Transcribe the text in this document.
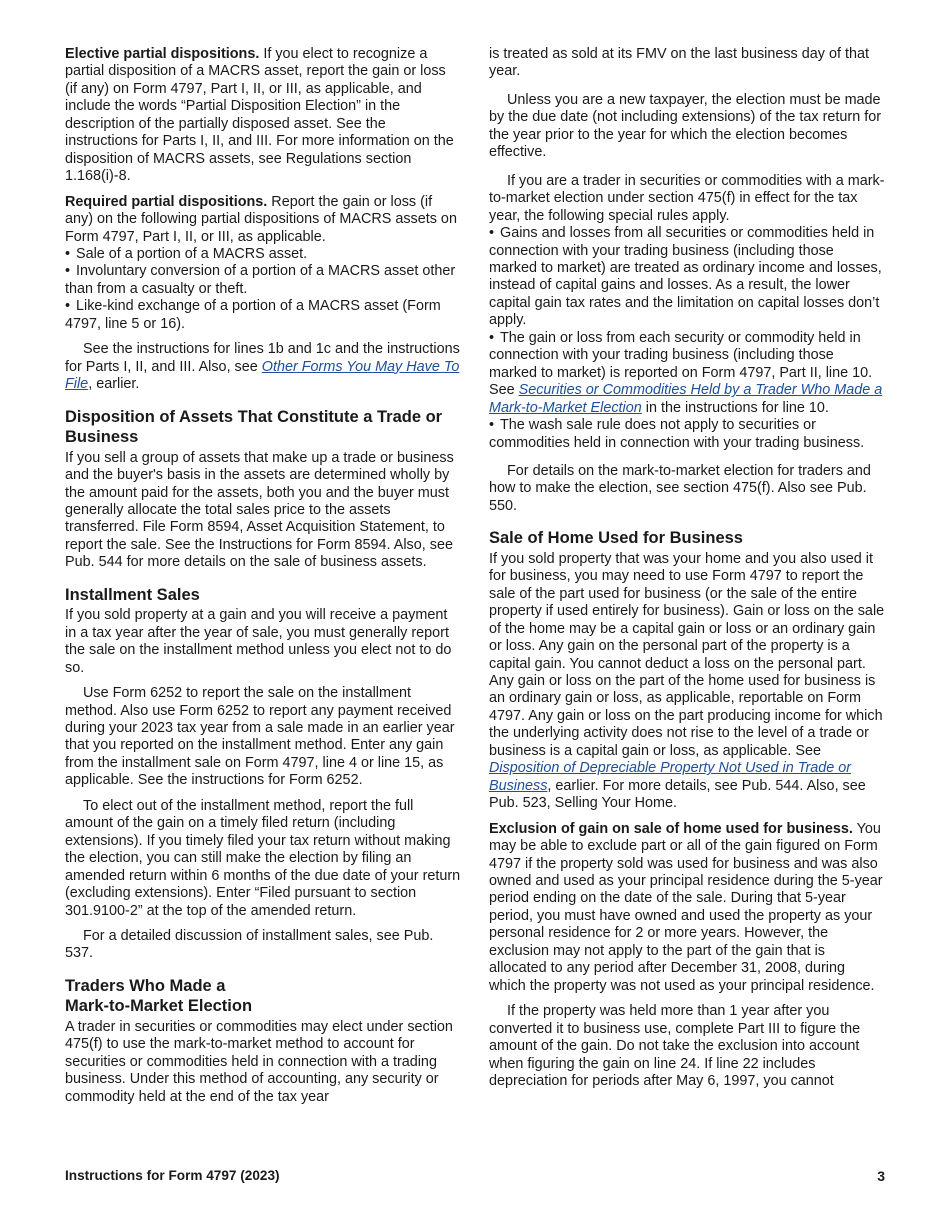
Elective partial dispositions. If you elect to recognize a partial disposition of a MACRS asset, report the gain or loss (if any) on Form 4797, Part I, II, or III, as applicable, and include the words “Partial Disposition Election” in the description of the partially disposed asset. See the instructions for Parts I, II, and III. For more information on the disposition of MACRS assets, see Regulations section 1.168(i)-8.

Required partial dispositions. Report the gain or loss (if any) on the following partial dispositions of MACRS assets on Form 4797, Part I, II, or III, as applicable.

• Sale of a portion of a MACRS asset.

• Involuntary conversion of a portion of a MACRS asset other than from a casualty or theft.

• Like-kind exchange of a portion of a MACRS asset (Form 4797, line 5 or 16).

See the instructions for lines 1b and 1c and the instructions for Parts I, II, and III. Also, see Other Forms You May Have To File, earlier.

Disposition of Assets That Constitute a Trade or Business

If you sell a group of assets that make up a trade or business and the buyer's basis in the assets are determined wholly by the amount paid for the assets, both you and the buyer must generally allocate the total sales price to the assets transferred. File Form 8594, Asset Acquisition Statement, to report the sale. See the Instructions for Form 8594. Also, see Pub. 544 for more details on the sale of business assets.

Installment Sales

If you sold property at a gain and you will receive a payment in a tax year after the year of sale, you must generally report the sale on the installment method unless you elect not to do so.

Use Form 6252 to report the sale on the installment method. Also use Form 6252 to report any payment received during your 2023 tax year from a sale made in an earlier year that you reported on the installment method. Enter any gain from the installment sale on Form 4797, line 4 or line 15, as applicable. See the instructions for Form 6252.

To elect out of the installment method, report the full amount of the gain on a timely filed return (including extensions). If you timely filed your tax return without making the election, you can still make the election by filing an amended return within 6 months of the due date of your return (excluding extensions). Enter “Filed pursuant to section 301.9100-2” at the top of the amended return.

For a detailed discussion of installment sales, see Pub. 537.

Traders Who Made a
Mark-to-Market Election

A trader in securities or commodities may elect under section 475(f) to use the mark-to-market method to account for securities or commodities held in connection with a trading business. Under this method of accounting, any security or commodity held at the end of the tax year

is treated as sold at its FMV on the last business day of that year.

Unless you are a new taxpayer, the election must be made by the due date (not including extensions) of the tax return for the year prior to the year for which the election becomes effective.

If you are a trader in securities or commodities with a mark-to-market election under section 475(f) in effect for the tax year, the following special rules apply.

• Gains and losses from all securities or commodities held in connection with your trading business (including those marked to market) are treated as ordinary income and losses, instead of capital gains and losses. As a result, the lower capital gain tax rates and the limitation on capital losses don’t apply.

• The gain or loss from each security or commodity held in connection with your trading business (including those marked to market) is reported on Form 4797, Part II, line 10. See Securities or Commodities Held by a Trader Who Made a Mark-to-Market Election in the instructions for line 10.

• The wash sale rule does not apply to securities or commodities held in connection with your trading business.

For details on the mark-to-market election for traders and how to make the election, see section 475(f). Also see Pub. 550.

Sale of Home Used for Business

If you sold property that was your home and you also used it for business, you may need to use Form 4797 to report the sale of the part used for business (or the sale of the entire property if used entirely for business). Gain or loss on the sale of the home may be a capital gain or loss or an ordinary gain or loss. Any gain on the personal part of the property is a capital gain. You cannot deduct a loss on the personal part. Any gain or loss on the part of the home used for business is an ordinary gain or loss, as applicable, reportable on Form 4797. Any gain or loss on the part producing income for which the underlying activity does not rise to the level of a trade or business is a capital gain or loss, as applicable. See Disposition of Depreciable Property Not Used in Trade or Business, earlier. For more details, see Pub. 544. Also, see Pub. 523, Selling Your Home.

Exclusion of gain on sale of home used for business. You may be able to exclude part or all of the gain figured on Form 4797 if the property sold was used for business and was also owned and used as your principal residence during the 5-year period ending on the date of the sale. During that 5-year period, you must have owned and used the property as your personal residence for 2 or more years. However, the exclusion may not apply to the part of the gain that is allocated to any period after December 31, 2008, during which the property was not used as your principal residence.

If the property was held more than 1 year after you converted it to business use, complete Part III to figure the amount of the gain. Do not take the exclusion into account when figuring the gain on line 24. If line 22 includes depreciation for periods after May 6, 1997, you cannot

Instructions for Form 4797 (2023)	3
